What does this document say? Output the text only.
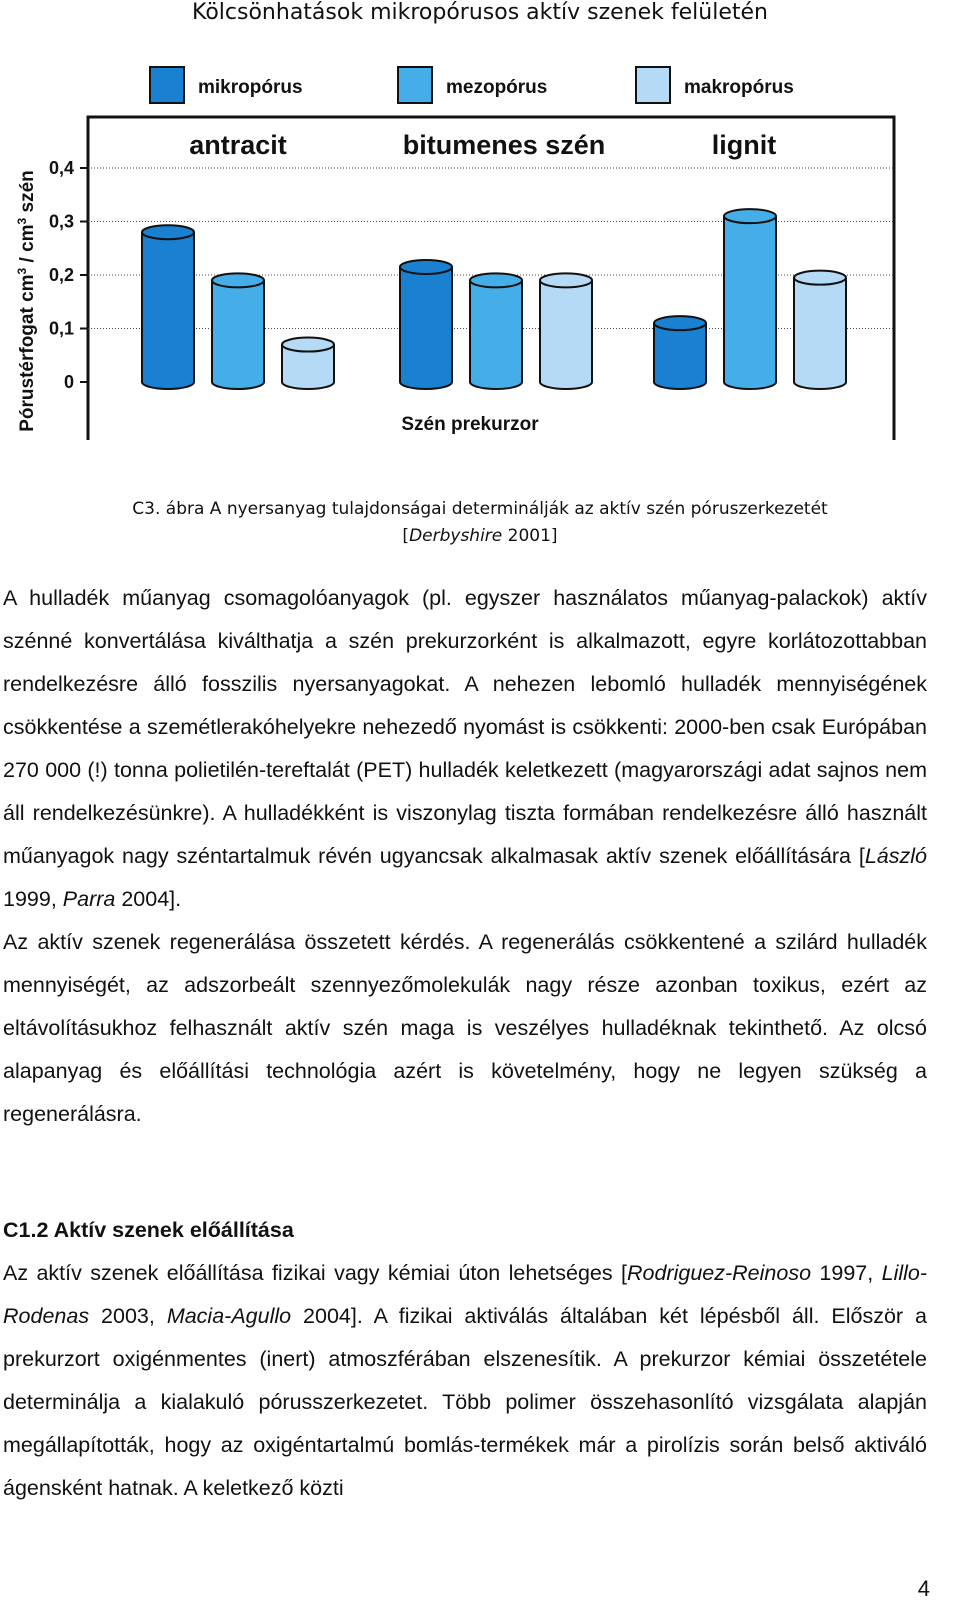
Kölcsönhatások mikropórusos aktív szenek felületén
mikropórus	mezopórus	makropórus
0
0,1
0,2
0,3
0,4
antracit	bitumenes szén	lignit
Pórustérfogat $cm^3 / cm^3$ szén
Szén prekurzor
C3. ábra A nyersanyag tulajdonságai determinálják az aktív szén póruszerkezetét
[Derbyshire 2001]

A hulladék műanyag csomagolóanyagok (pl. egyszer használatos műanyag-palackok) aktív szénné konvertálása kiválthatja a szén prekurzorként is alkalmazott, egyre korlátozottabban rendelkezésre álló fosszilis nyersanyagokat. A nehezen lebomló hulladék mennyiségének csökkentése a szemétlerakóhelyekre nehezedő nyomást is csökkenti: 2000-ben csak Európában 270 000 (!) tonna polietilén-tereftalát (PET) hulladék keletkezett (magyarországi adat sajnos nem áll rendelkezésünkre). A hulladékként is viszonylag tiszta formában rendelkezésre álló használt műanyagok nagy széntartalmuk révén ugyancsak alkalmasak aktív szenek előállítására [László 1999, Parra 2004].

Az aktív szenek regenerálása összetett kérdés. A regenerálás csökkentené a szilárd hulladék mennyiségét, az adszorbeált szennyezőmolekulák nagy része azonban toxikus, ezért az eltávolításukhoz felhasznált aktív szén maga is veszélyes hulladéknak tekinthető. Az olcsó alapanyag és előállítási technológia azért is követelmény, hogy ne legyen szükség a regenerálásra.

C1.2 Aktív szenek előállítása

Az aktív szenek előállítása fizikai vagy kémiai úton lehetséges [Rodriguez-Reinoso 1997, Lillo-Rodenas 2003, Macia-Agullo 2004]. A fizikai aktiválás általában két lépésből áll. Először a prekurzort oxigénmentes (inert) atmoszférában elszenesítik. A prekurzor kémiai összetétele determinálja a kialakuló pórusszerkezetet. Több polimer összehasonlító vizsgálata alapján megállapították, hogy az oxigéntartalmú bomlás-termékek már a pirolízis során belső aktiváló ágensként hatnak. A keletkező közti

4
